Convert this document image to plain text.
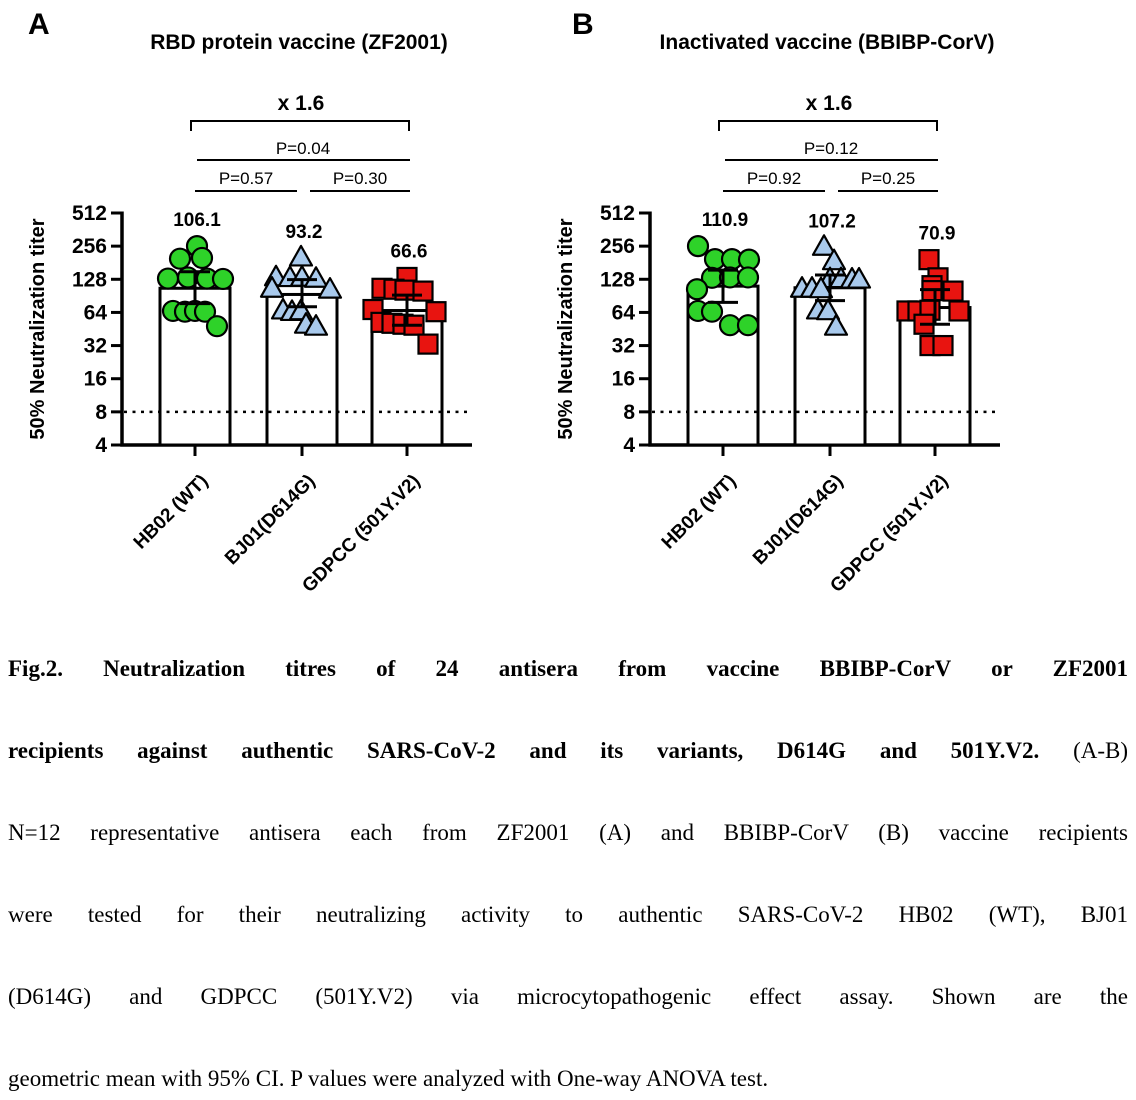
A
RBD protein vaccine (ZF2001)
x 1.6
P=0.04
P=0.57	P=0.30
512
256
128
64
32
16
8
4
50% Neutralization titer	106.1
93.2
66.6
HB02 (WT) BJ01(D614G)
GDPCC (501Y.V2)
B
Inactivated vaccine (BBIBP-CorV)
x 1.6
P=0.12
P=0.92	P=0.25
512
256
128
64
32
16
8
4
50% Neutralization titer	110.9	107.2
70.9
HB02 (WT) BJ01(D614G)
GDPCC (501Y.V2)

Fig.2. Neutralization titres of 24 antisera from vaccine BBIBP-CorV or ZF2001

recipients against authentic SARS-CoV-2 and its variants, D614G and 501Y.V2. (A-B)

N=12 representative antisera each from ZF2001 (A) and BBIBP-CorV (B) vaccine recipients

were tested for their neutralizing activity to authentic SARS-CoV-2 HB02 (WT), BJ01

(D614G) and GDPCC (501Y.V2) via microcytopathogenic effect assay. Shown are the

geometric mean with 95% CI. P values were analyzed with One-way ANOVA test.
